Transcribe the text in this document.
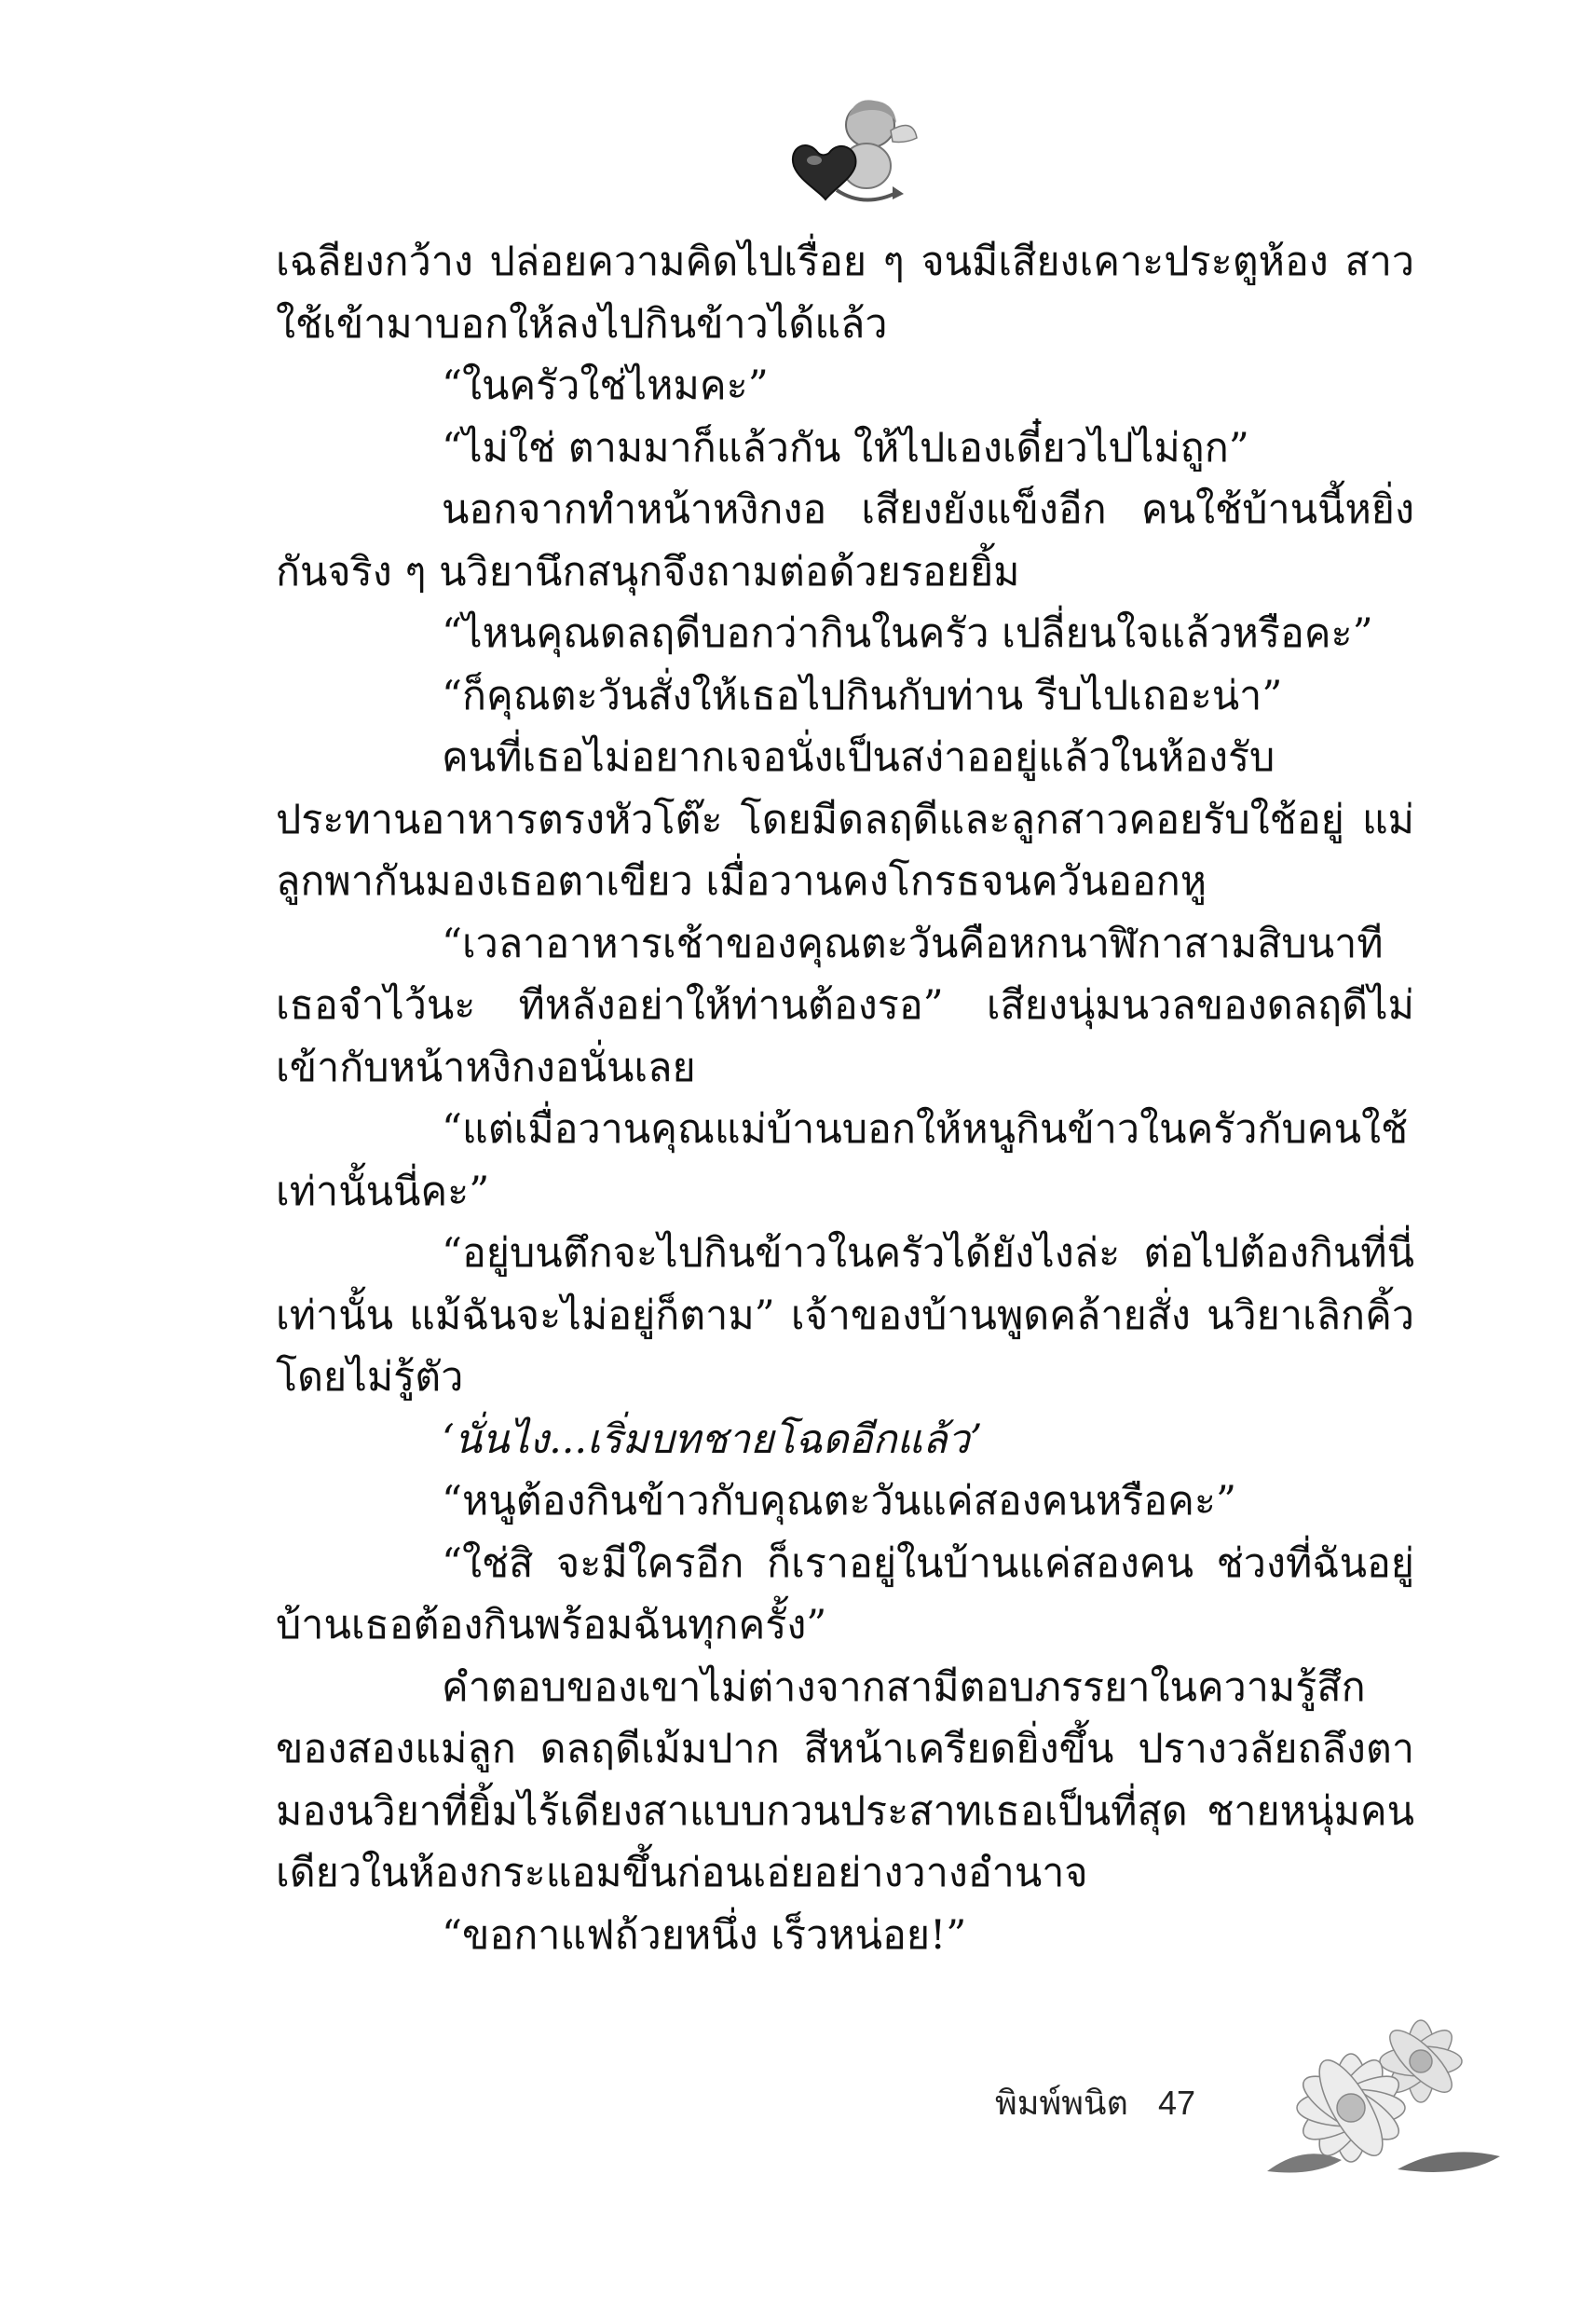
เฉลียงกว้าง ปล่อยความคิดไปเรื่อย ๆ จนมีเสียงเคาะประตูห้อง สาวใช้เข้ามาบอกให้ลงไปกินข้าวได้แล้ว

“ในครัวใช่ไหมคะ”

“ไม่ใช่ ตามมาก็แล้วกัน ให้ไปเองเดี๋ยวไปไม่ถูก”

นอกจากทำหน้าหงิกงอ เสียงยังแข็งอีก คนใช้บ้านนี้หยิ่งกันจริง ๆ นวิยานึกสนุกจึงถามต่อด้วยรอยยิ้ม

“ไหนคุณดลฤดีบอกว่ากินในครัว เปลี่ยนใจแล้วหรือคะ”

“ก็คุณตะวันสั่งให้เธอไปกินกับท่าน รีบไปเถอะน่า”

คนที่เธอไม่อยากเจอนั่งเป็นสง่าออยู่แล้วในห้องรับประทานอาหารตรงหัวโต๊ะ โดยมีดลฤดีและลูกสาวคอยรับใช้อยู่ แม่ลูกพากันมองเธอตาเขียว เมื่อวานคงโกรธจนควันออกหู

“เวลาอาหารเช้าของคุณตะวันคือหกนาฬิกาสามสิบนาที เธอจำไว้นะ ทีหลังอย่าให้ท่านต้องรอ” เสียงนุ่มนวลของดลฤดีไม่เข้ากับหน้าหงิกงอนั่นเลย

“แต่เมื่อวานคุณแม่บ้านบอกให้หนูกินข้าวในครัวกับคนใช้เท่านั้นนี่คะ”

“อยู่บนตึกจะไปกินข้าวในครัวได้ยังไงล่ะ ต่อไปต้องกินที่นี่เท่านั้น แม้ฉันจะไม่อยู่ก็ตาม” เจ้าของบ้านพูดคล้ายสั่ง นวิยาเลิกคิ้วโดยไม่รู้ตัว

‘นั่นไง...เริ่มบทชายโฉดอีกแล้ว’

“หนูต้องกินข้าวกับคุณตะวันแค่สองคนหรือคะ”

“ใช่สิ จะมีใครอีก ก็เราอยู่ในบ้านแค่สองคน ช่วงที่ฉันอยู่บ้านเธอต้องกินพร้อมฉันทุกครั้ง”

คำตอบของเขาไม่ต่างจากสามีตอบภรรยาในความรู้สึกของสองแม่ลูก ดลฤดีเม้มปาก สีหน้าเครียดยิ่งขึ้น ปรางวลัยถลึงตามองนวิยาที่ยิ้มไร้เดียงสาแบบกวนประสาทเธอเป็นที่สุด ชายหนุ่มคนเดียวในห้องกระแอมขึ้นก่อนเอ่ยอย่างวางอำนาจ

“ขอกาแฟถ้วยหนึ่ง เร็วหน่อย!”

พิมพ์พนิต 47
